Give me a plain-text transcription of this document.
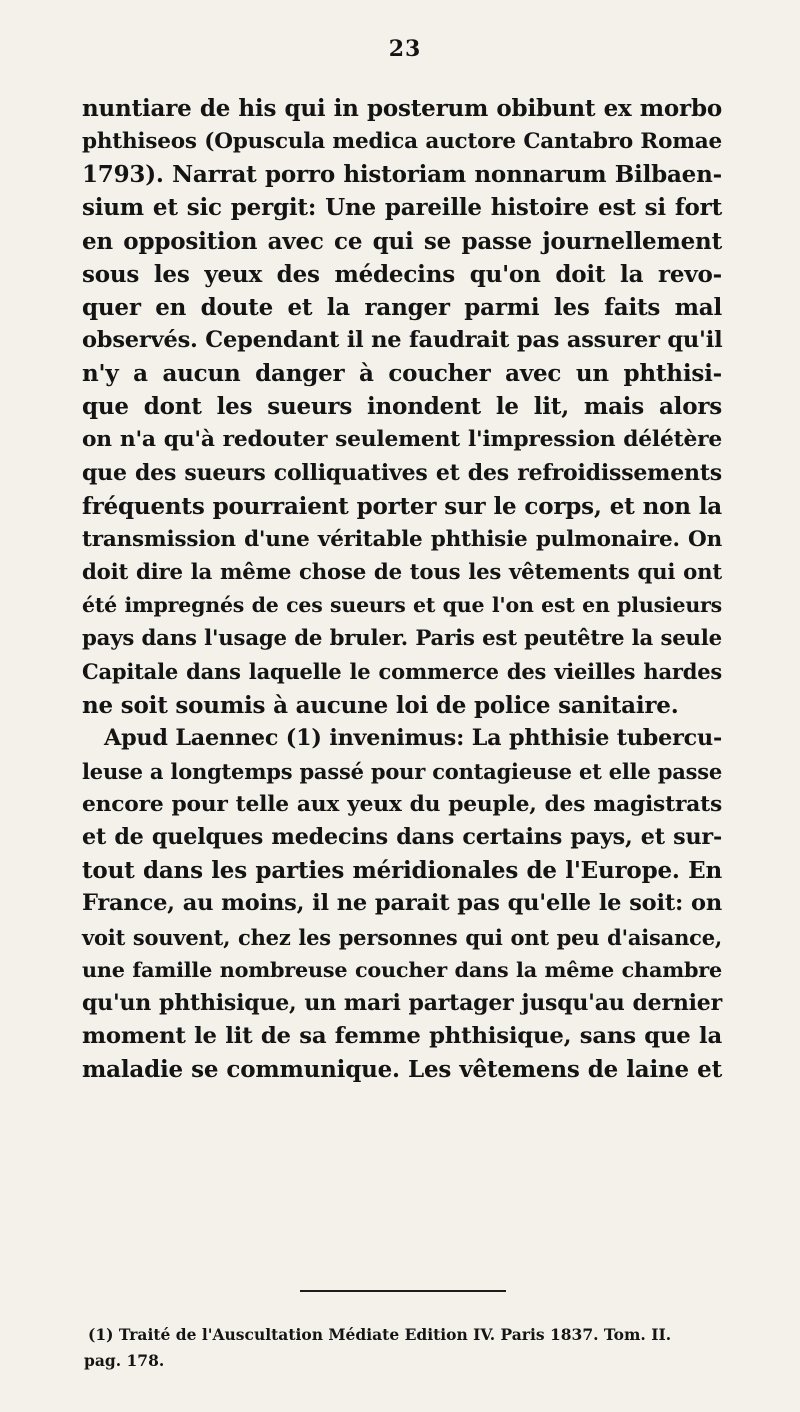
23
nuntiare de his qui in posterum obibunt ex morbo
phthiseos (Opuscula medica auctore Cantabro Romae
1793). Narrat porro historiam nonnarum Bilbaen-
sium et sic pergit: Une pareille histoire est si fort
en opposition avec ce qui se passe journellement
sous les yeux des médecins qu'on doit la revo-
quer en doute et la ranger parmi les faits mal
observés. Cependant il ne faudrait pas assurer qu'il
n'y a aucun danger à coucher avec un phthisi-
que dont les sueurs inondent le lit, mais alors
on n'a qu'à redouter seulement l'impression délétère
que des sueurs colliquatives et des refroidissements
fréquents pourraient porter sur le corps, et non la
transmission d'une véritable phthisie pulmonaire. On
doit dire la même chose de tous les vêtements qui ont
été impregnés de ces sueurs et que l'on est en plusieurs
pays dans l'usage de bruler. Paris est peutêtre la seule
Capitale dans laquelle le commerce des vieilles hardes
ne soit soumis à aucune loi de police sanitaire.
Apud Laennec (1) invenimus: La phthisie tubercu-
leuse a longtemps passé pour contagieuse et elle passe
encore pour telle aux yeux du peuple, des magistrats
et de quelques medecins dans certains pays, et sur-
tout dans les parties méridionales de l'Europe. En
France, au moins, il ne parait pas qu'elle le soit: on
voit souvent, chez les personnes qui ont peu d'aisance,
une famille nombreuse coucher dans la même chambre
qu'un phthisique, un mari partager jusqu'au dernier
moment le lit de sa femme phthisique, sans que la
maladie se communique. Les vêtemens de laine et
(1) Traité de l'Auscultation Médiate Edition IV. Paris 1837. Tom. II.
pag. 178.
